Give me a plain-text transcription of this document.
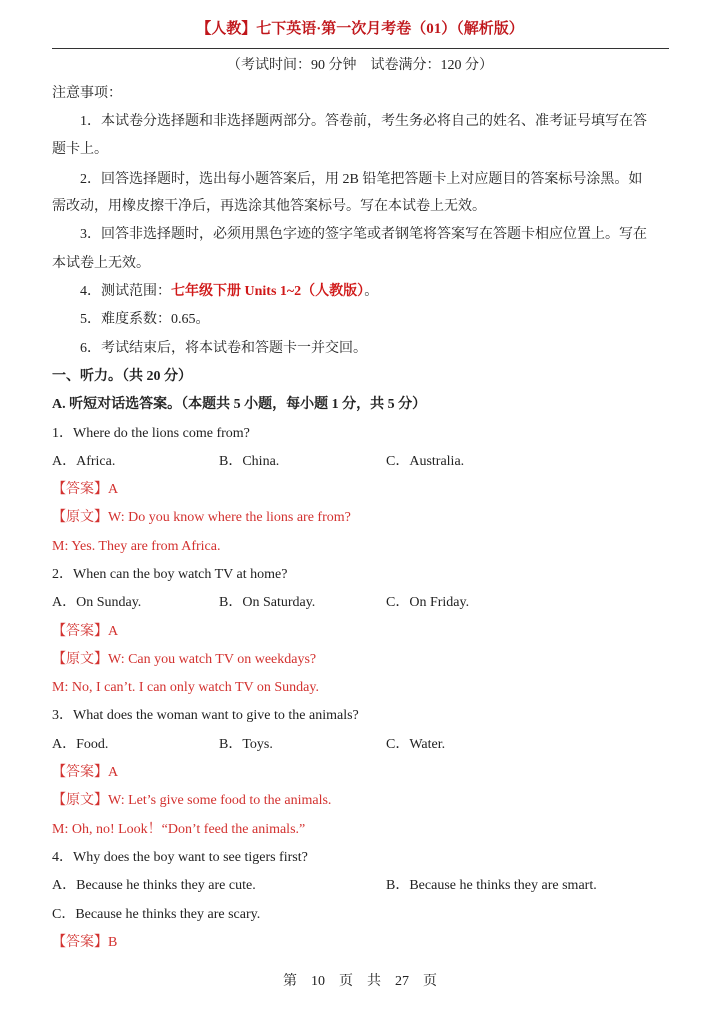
【人教】七下英语·第一次月考卷（01）（解析版）
（考试时间：90 分钟　试卷满分：120 分）
注意事项：
1．本试卷分选择题和非选择题两部分。答卷前，考生务必将自己的姓名、准考证号填写在答
题卡上。
2．回答选择题时，选出每小题答案后，用 2B 铅笔把答题卡上对应题目的答案标号涂黑。如
需改动，用橡皮擦干净后，再选涂其他答案标号。写在本试卷上无效。
3．回答非选择题时，必须用黑色字迹的签字笔或者钢笔将答案写在答题卡相应位置上。写在
本试卷上无效。
4．测试范围：七年级下册 Units 1~2（人教版）。
5．难度系数：0.65。
6．考试结束后，将本试卷和答题卡一并交回。
一、听力。（共 20 分）
A. 听短对话选答案。（本题共 5 小题，每小题 1 分，共 5 分）
1．Where do the lions come from?
A．Africa.	B．China.	C．Australia.
【答案】A
【原文】W: Do you know where the lions are from?
M: Yes. They are from Africa.
2．When can the boy watch TV at home?
A．On Sunday.	B．On Saturday.	C．On Friday.
【答案】A
【原文】W: Can you watch TV on weekdays?
M: No, I can’t. I can only watch TV on Sunday.
3．What does the woman want to give to the animals?
A．Food.	B．Toys.	C．Water.
【答案】A
【原文】W: Let’s give some food to the animals.
M: Oh, no! Look！“Don’t feed the animals.”
4．Why does the boy want to see tigers first?
A．Because he thinks they are cute.	B．Because he thinks they are smart.
C．Because he thinks they are scary.
【答案】B
第　10　页　共　27　页
